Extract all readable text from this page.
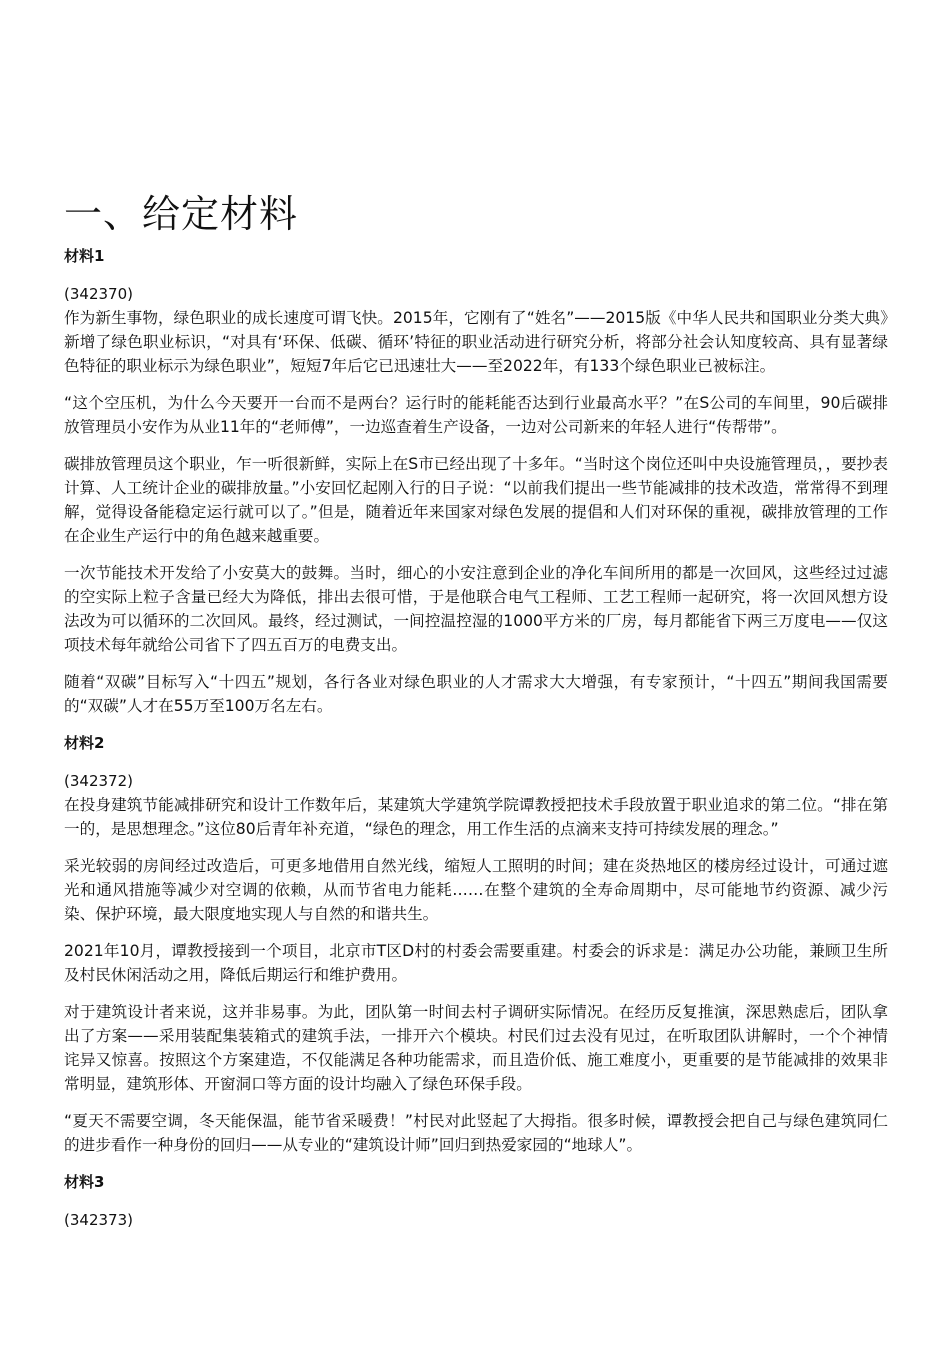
一、给定材料
材料1
(342370)

作为新生事物，绿色职业的成长速度可谓飞快。2015年，它刚有了“姓名”——2015版《中华人民共和国职业分类大典》新增了绿色职业标识，“对具有‘环保、低碳、循环’特征的职业活动进行研究分析，将部分社会认知度较高、具有显著绿色特征的职业标示为绿色职业”，短短7年后它已迅速壮大——至2022年，有133个绿色职业已被标注。

“这个空压机，为什么今天要开一台而不是两台？运行时的能耗能否达到行业最高水平？”在S公司的车间里，90后碳排放管理员小安作为从业11年的“老师傅”，一边巡查着生产设备，一边对公司新来的年轻人进行“传帮带”。

碳排放管理员这个职业，乍一听很新鲜，实际上在S市已经出现了十多年。“当时这个岗位还叫中央设施管理员，，要抄表计算、人工统计企业的碳排放量。”小安回忆起刚入行的日子说：“以前我们提出一些节能减排的技术改造，常常得不到理解，觉得设备能稳定运行就可以了。”但是，随着近年来国家对绿色发展的提倡和人们对环保的重视，碳排放管理的工作在企业生产运行中的角色越来越重要。

一次节能技术开发给了小安莫大的鼓舞。当时，细心的小安注意到企业的净化车间所用的都是一次回风，这些经过过滤的空实际上粒子含量已经大为降低，排出去很可惜，于是他联合电气工程师、工艺工程师一起研究，将一次回风想方设法改为可以循环的二次回风。最终，经过测试，一间控温控湿的1000平方米的厂房，每月都能省下两三万度电——仅这项技术每年就给公司省下了四五百万的电费支出。

随着“双碳”目标写入“十四五”规划，各行各业对绿色职业的人才需求大大增强，有专家预计，“十四五”期间我国需要的“双碳”人才在55万至100万名左右。

材料2
(342372)

在投身建筑节能减排研究和设计工作数年后，某建筑大学建筑学院谭教授把技术手段放置于职业追求的第二位。“排在第一的，是思想理念。”这位80后青年补充道，“绿色的理念，用工作生活的点滴来支持可持续发展的理念。”

采光较弱的房间经过改造后，可更多地借用自然光线，缩短人工照明的时间；建在炎热地区的楼房经过设计，可通过遮光和通风措施等减少对空调的依赖，从而节省电力能耗……在整个建筑的全寿命周期中，尽可能地节约资源、减少污染、保护环境，最大限度地实现人与自然的和谐共生。

2021年10月，谭教授接到一个项目，北京市T区D村的村委会需要重建。村委会的诉求是：满足办公功能，兼顾卫生所及村民休闲活动之用，降低后期运行和维护费用。

对于建筑设计者来说，这并非易事。为此，团队第一时间去村子调研实际情况。在经历反复推演，深思熟虑后，团队拿出了方案——采用装配集装箱式的建筑手法，一排开六个模块。村民们过去没有见过，在听取团队讲解时，一个个神情诧异又惊喜。按照这个方案建造，不仅能满足各种功能需求，而且造价低、施工难度小，更重要的是节能减排的效果非常明显，建筑形体、开窗洞口等方面的设计均融入了绿色环保手段。

“夏天不需要空调，冬天能保温，能节省采暖费！”村民对此竖起了大拇指。很多时候，谭教授会把自己与绿色建筑同仁的进步看作一种身份的回归——从专业的“建筑设计师”回归到热爱家园的“地球人”。

材料3
(342373)
